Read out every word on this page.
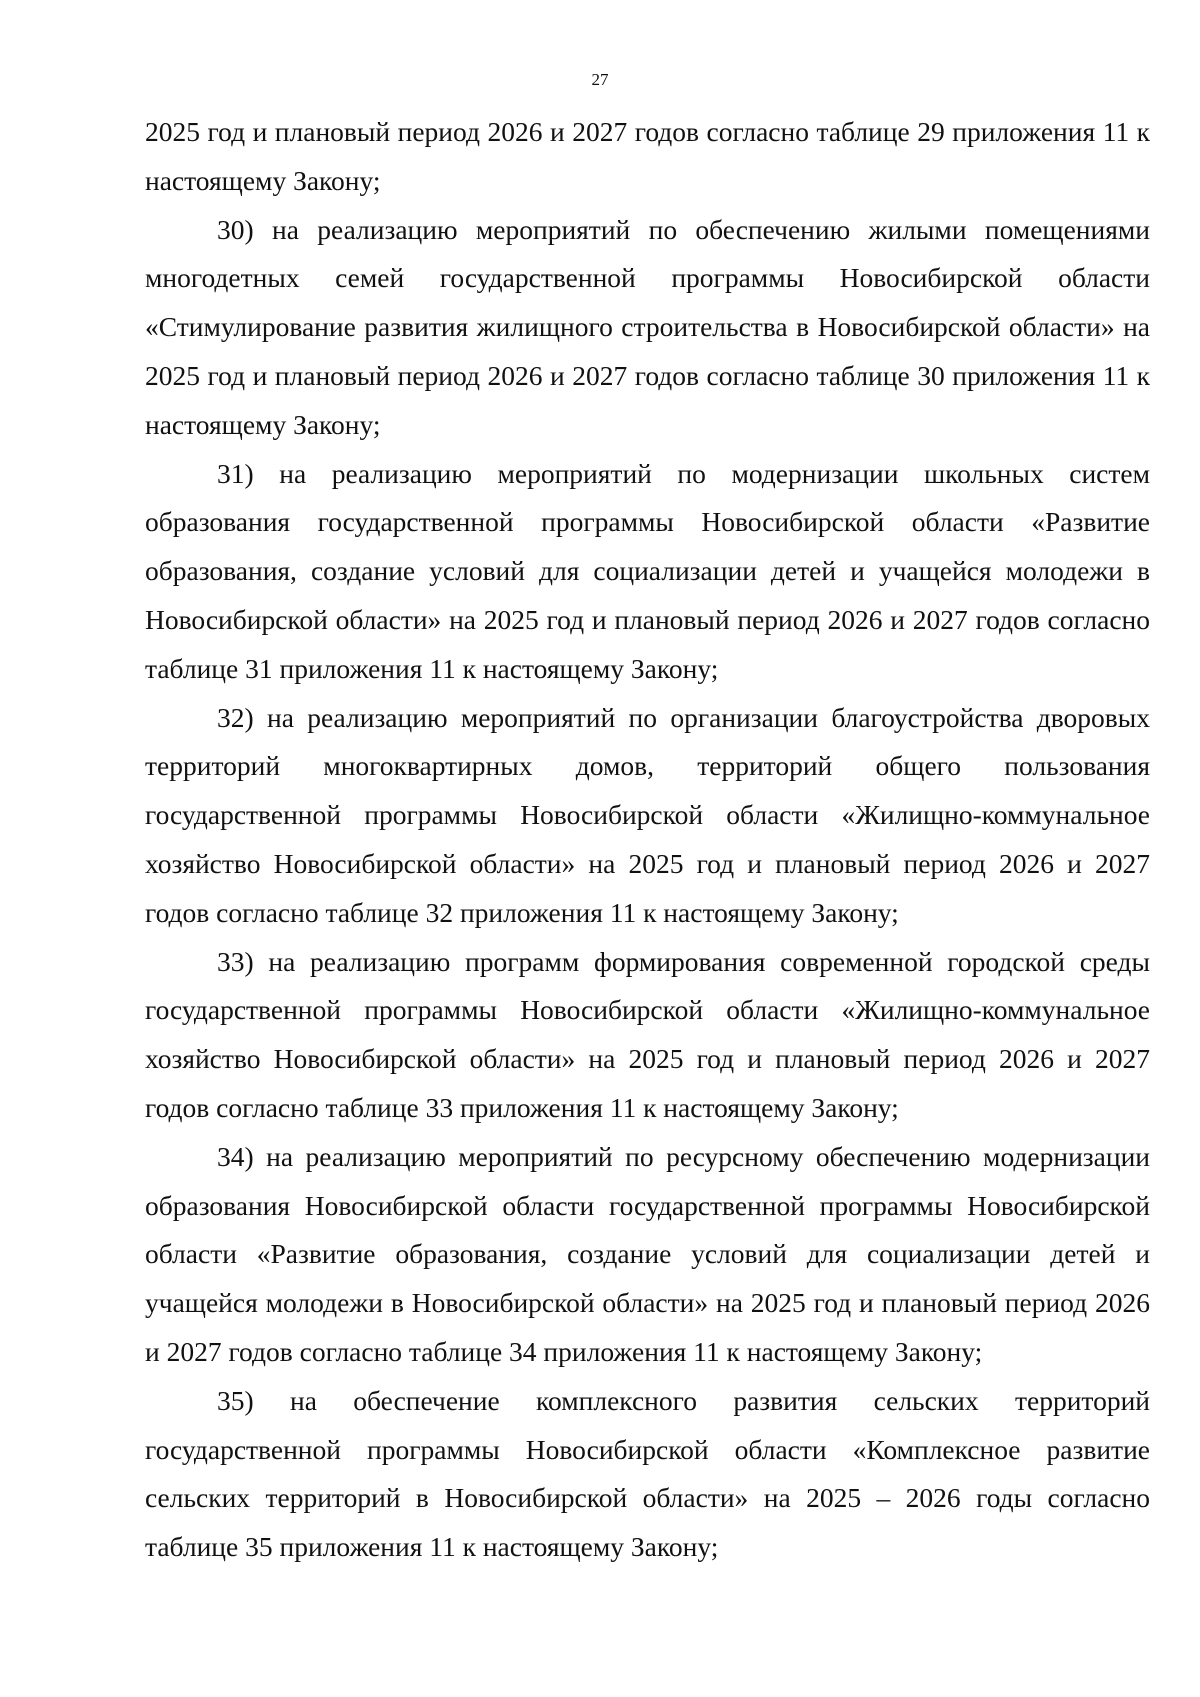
27

2025 год и плановый период 2026 и 2027 годов согласно таблице 29 приложения 11 к настоящему Закону;

30) на реализацию мероприятий по обеспечению жилыми помещениями многодетных семей государственной программы Новосибирской области «Стимулирование развития жилищного строительства в Новосибирской области» на 2025 год и плановый период 2026 и 2027 годов согласно таблице 30 приложения 11 к настоящему Закону;

31) на реализацию мероприятий по модернизации школьных систем образования государственной программы Новосибирской области «Развитие образования, создание условий для социализации детей и учащейся молодежи в Новосибирской области» на 2025 год и плановый период 2026 и 2027 годов согласно таблице 31 приложения 11 к настоящему Закону;

32) на реализацию мероприятий по организации благоустройства дворовых территорий многоквартирных домов, территорий общего пользования государственной программы Новосибирской области «Жилищно-коммунальное хозяйство Новосибирской области» на 2025 год и плановый период 2026 и 2027 годов согласно таблице 32 приложения 11 к настоящему Закону;

33) на реализацию программ формирования современной городской среды государственной программы Новосибирской области «Жилищно-коммунальное хозяйство Новосибирской области» на 2025 год и плановый период 2026 и 2027 годов согласно таблице 33 приложения 11 к настоящему Закону;

34) на реализацию мероприятий по ресурсному обеспечению модернизации образования Новосибирской области государственной программы Новосибирской области «Развитие образования, создание условий для социализации детей и учащейся молодежи в Новосибирской области» на 2025 год и плановый период 2026 и 2027 годов согласно таблице 34 приложения 11 к настоящему Закону;

35) на обеспечение комплексного развития сельских территорий государственной программы Новосибирской области «Комплексное развитие сельских территорий в Новосибирской области» на 2025 – 2026 годы согласно таблице 35 приложения 11 к настоящему Закону;
